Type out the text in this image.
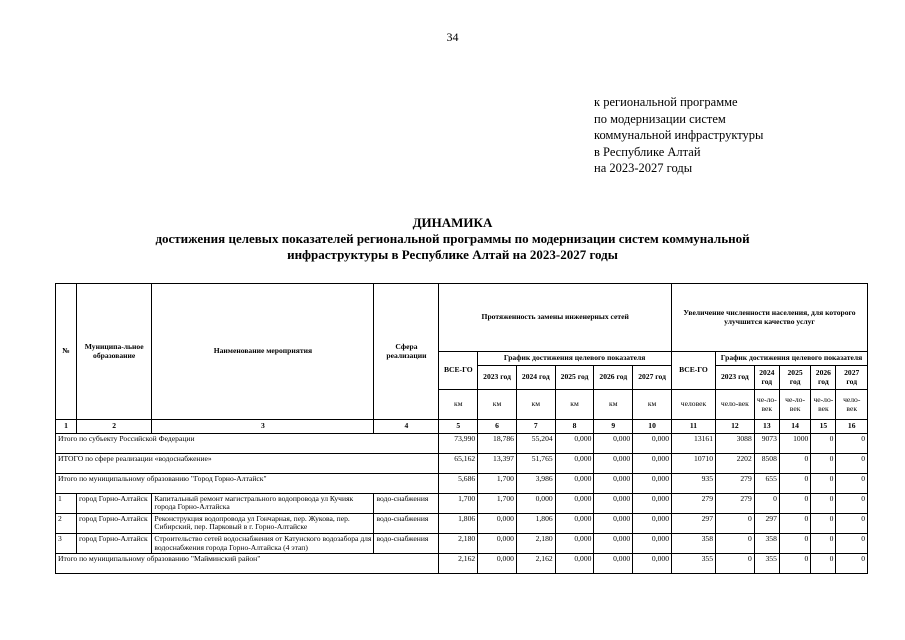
34
к региональной программе
по модернизации систем
коммунальной инфраструктуры
в Республике Алтай
на 2023-2027 годы
ДИНАМИКА
достижения целевых показателей региональной программы по модернизации систем коммунальной
инфраструктуры в Республике Алтай на 2023-2027 годы
№	Муниципа-льное образование	Наименование мероприятия	Сфера реализации	Протяженность замены инженерных сетей						Увеличение численности населения, для которого улучшится качество услуг					
				ВСЕ-ГО	График достижения целевого показателя					ВСЕ-ГО	График достижения целевого показателя				
					2023 год	2024 год	2025 год	2026 год	2027 год		2023 год	2024 год	2025 год	2026 год	2027 год
				км	км	км	км	км	км	человек	чело-век	че-ло-век	че-ло-век	че-ло-век	чело-век
1	2	3	4	5	6	7	8	9	10	11	12	13	14	15	16
Итого по субъекту Российской Федерации				73,990	18,786	55,204	0,000	0,000	0,000	13161	3088	9073	1000	0	0
ИТОГО по сфере реализации «водоснабжение»				65,162	13,397	51,765	0,000	0,000	0,000	10710	2202	8508	0	0	0
Итого по муниципальному образованию "Город Горно-Алтайск"				5,686	1,700	3,986	0,000	0,000	0,000	935	279	655	0	0	0
1	город Горно-Алтайск	Капитальный ремонт магистрального водопровода ул Кучияк города Горно-Алтайска	водо-снабжения	1,700	1,700	0,000	0,000	0,000	0,000	279	279	0	0	0	0
2	город Горно-Алтайск	Реконструкция водопровода ул Гончарная, пер. Жукова, пер. Сибирский, пер. Парковый в г. Горно-Алтайске	водо-снабжения	1,806	0,000	1,806	0,000	0,000	0,000	297	0	297	0	0	0
3	город Горно-Алтайск	Строительство сетей водоснабжения от Катунского водозабора для водоснабжения города Горно-Алтайска (4 этап)	водо-снабжения	2,180	0,000	2,180	0,000	0,000	0,000	358	0	358	0	0	0
Итого по муниципальному образованию "Майминский район"				2,162	0,000	2,162	0,000	0,000	0,000	355	0	355	0	0	0
